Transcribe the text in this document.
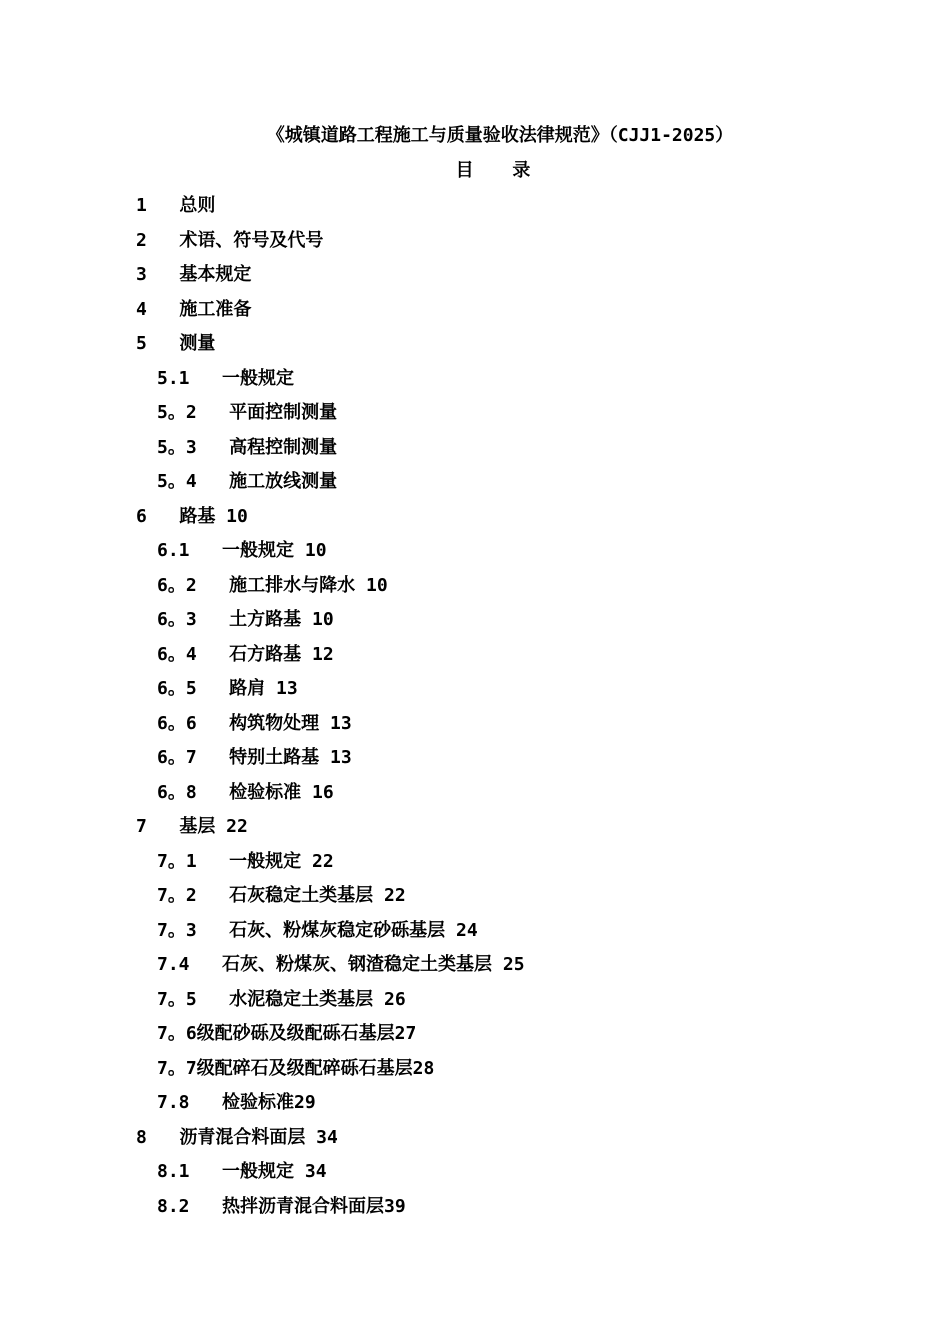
《城镇道路工程施工与质量验收法律规范》（CJJ1-2025）
目 录
1   总则
2   术语、符号及代号
3   基本规定
4   施工准备
5   测量
5.1   一般规定
5。2   平面控制测量
5。3   高程控制测量
5。4   施工放线测量
6   路基 10
6.1   一般规定 10
6。2   施工排水与降水 10
6。3   土方路基 10
6。4   石方路基 12
6。5   路肩 13
6。6   构筑物处理 13
6。7   特别土路基 13
6。8   检验标准 16
7   基层 22
7。1   一般规定 22
7。2   石灰稳定土类基层 22
7。3   石灰、粉煤灰稳定砂砾基层 24
7.4   石灰、粉煤灰、钢渣稳定土类基层 25
7。5   水泥稳定土类基层 26
7。6级配砂砾及级配砾石基层27
7。7级配碎石及级配碎砾石基层28
7.8   检验标准29
8   沥青混合料面层 34
8.1   一般规定 34
8.2   热拌沥青混合料面层39
